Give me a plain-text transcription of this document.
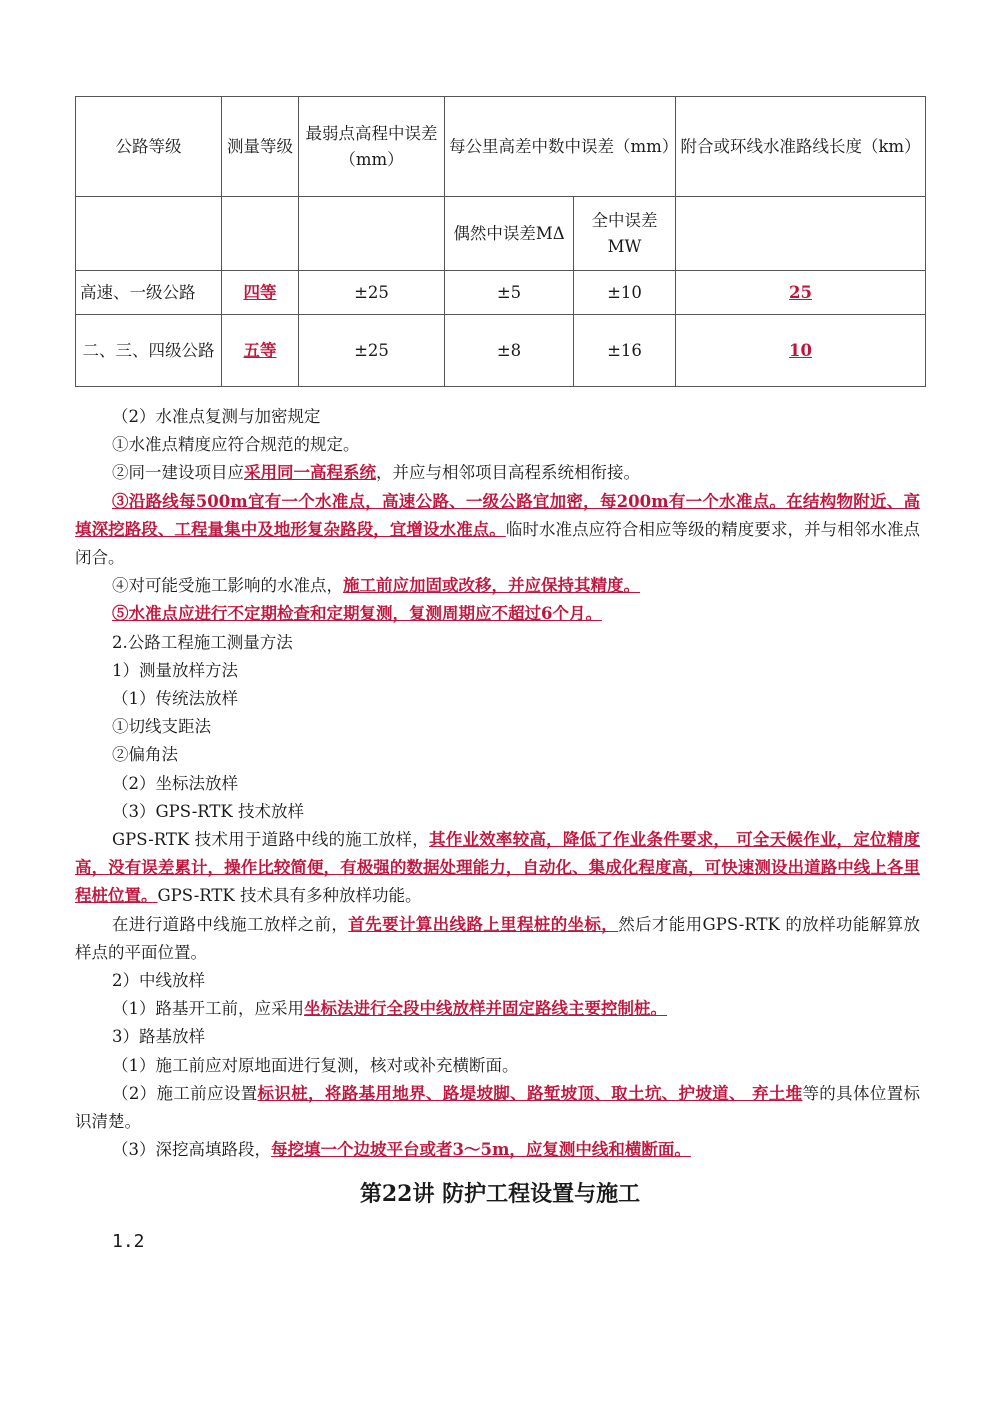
公路等级	测量等级	最弱点高程中误差（mm）	每公里高差中数中误差（mm）		附合或环线水准路线长度（km）
			偶然中误差MΔ	全中误差MW	
高速、一级公路	四等	±25	±5	±10	25
二、三、四级公路	五等	±25	±8	±16	10

（2）水准点复测与加密规定

①水准点精度应符合规范的规定。

②同一建设项目应采用同一高程系统，并应与相邻项目高程系统相衔接。

③沿路线每500m宜有一个水准点，高速公路、一级公路宜加密，每200m有一个水准点。在结构物附近、高填深挖路段、工程量集中及地形复杂路段，宜增设水准点。临时水准点应符合相应等级的精度要求，并与相邻水准点闭合。

④对可能受施工影响的水准点，施工前应加固或改移，并应保持其精度。

⑤水准点应进行不定期检查和定期复测，复测周期应不超过6个月。

2.公路工程施工测量方法

1）测量放样方法

（1）传统法放样

①切线支距法

②偏角法

（2）坐标法放样

（3）GPS-RTK 技术放样

GPS-RTK 技术用于道路中线的施工放样，其作业效率较高，降低了作业条件要求， 可全天候作业，定位精度高，没有误差累计，操作比较简便，有极强的数据处理能力，自动化、集成化程度高，可快速测设出道路中线上各里程桩位置。GPS-RTK 技术具有多种放样功能。

在进行道路中线施工放样之前，首先要计算出线路上里程桩的坐标，然后才能用GPS-RTK 的放样功能解算放样点的平面位置。

2）中线放样

（1）路基开工前，应采用坐标法进行全段中线放样并固定路线主要控制桩。

3）路基放样

（1）施工前应对原地面进行复测，核对或补充横断面。

（2）施工前应设置标识桩，将路基用地界、路堤坡脚、路堑坡顶、取土坑、护坡道、 弃土堆等的具体位置标识清楚。

（3）深挖高填路段，每挖填一个边坡平台或者3～5m，应复测中线和横断面。

第22讲 防护工程设置与施工
1.2
